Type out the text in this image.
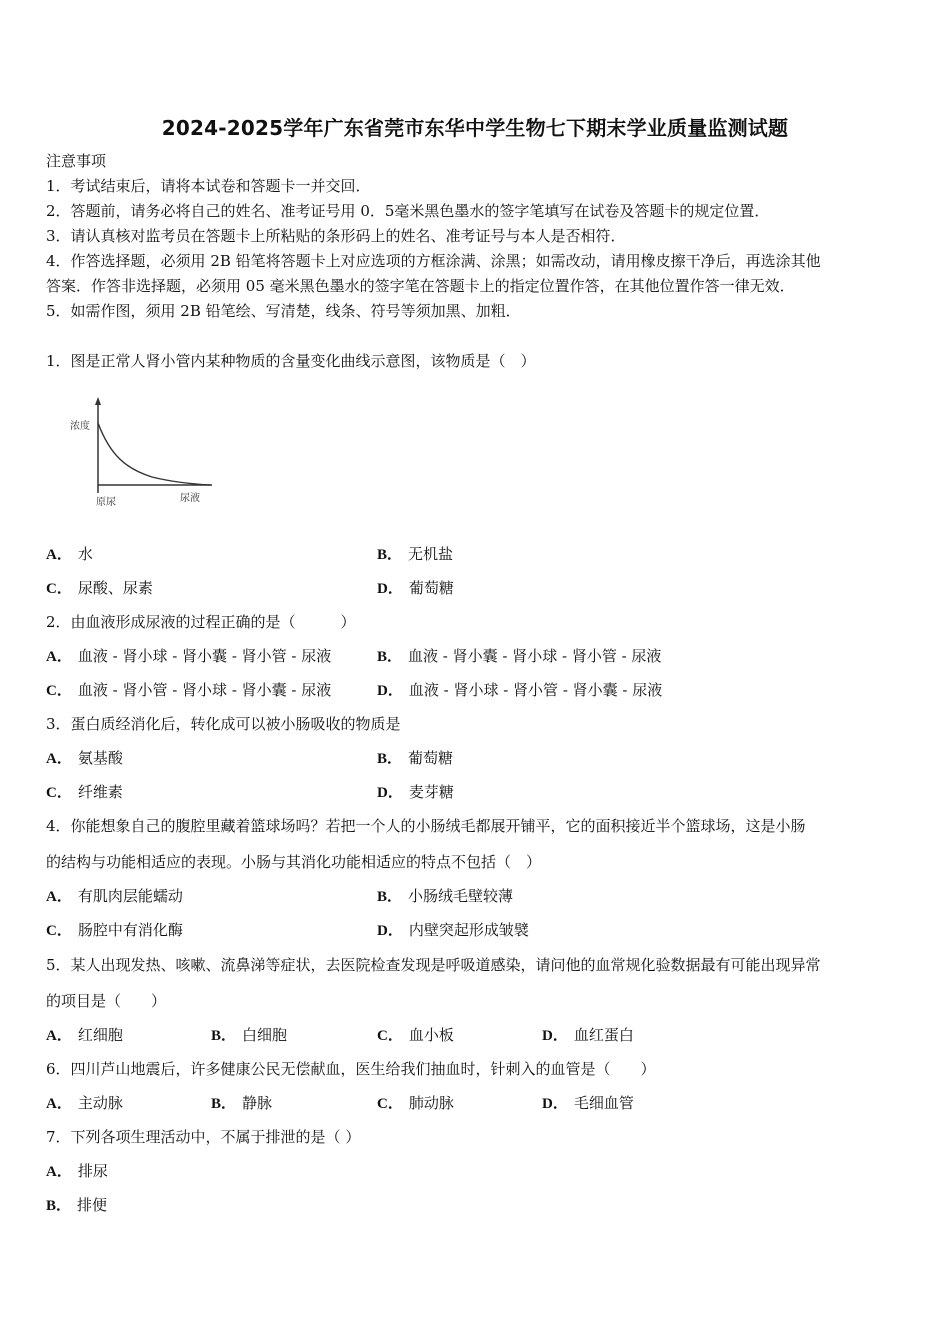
2024-2025学年广东省莞市东华中学生物七下期末学业质量监测试题
注意事项
1．考试结束后，请将本试卷和答题卡一并交回．
2．答题前，请务必将自己的姓名、准考证号用 0．5毫米黑色墨水的签字笔填写在试卷及答题卡的规定位置．
3．请认真核对监考员在答题卡上所粘贴的条形码上的姓名、准考证号与本人是否相符．
4．作答选择题，必须用 2B 铅笔将答题卡上对应选项的方框涂满、涂黑；如需改动，请用橡皮擦干净后，再选涂其他
答案．作答非选择题，必须用 05 毫米黑色墨水的签字笔在答题卡上的指定位置作答，在其他位置作答一律无效．
5．如需作图，须用 2B 铅笔绘、写清楚，线条、符号等须加黑、加粗．
1．图是正常人肾小管内某种物质的含量变化曲线示意图，该物质是（　）
浓度
原尿	尿液
A． 水	B． 无机盐
C． 尿酸、尿素	D． 葡萄糖
2．由血液形成尿液的过程正确的是（　　　）
A． 血液 - 肾小球 - 肾小囊 - 肾小管 - 尿液	B． 血液 - 肾小囊 - 肾小球 - 肾小管 - 尿液
C． 血液 - 肾小管 - 肾小球 - 肾小囊 - 尿液	D． 血液 - 肾小球 - 肾小管 - 肾小囊 - 尿液
3．蛋白质经消化后，转化成可以被小肠吸收的物质是
A． 氨基酸	B． 葡萄糖
C． 纤维素	D． 麦芽糖
4．你能想象自己的腹腔里藏着篮球场吗？若把一个人的小肠绒毛都展开铺平，它的面积接近半个篮球场，这是小肠
的结构与功能相适应的表现。小肠与其消化功能相适应的特点不包括（　）
A． 有肌肉层能蠕动	B． 小肠绒毛壁较薄
C． 肠腔中有消化酶	D． 内壁突起形成皱襞
5．某人出现发热、咳嗽、流鼻涕等症状，去医院检查发现是呼吸道感染，请问他的血常规化验数据最有可能出现异常
的项目是（　　）
A． 红细胞	B． 白细胞	C． 血小板	D． 血红蛋白
6．四川芦山地震后，许多健康公民无偿献血，医生给我们抽血时，针刺入的血管是（　　）
A． 主动脉	B． 静脉	C． 肺动脉	D． 毛细血管
7．下列各项生理活动中，不属于排泄的是（ ）
A． 排尿
B． 排便
